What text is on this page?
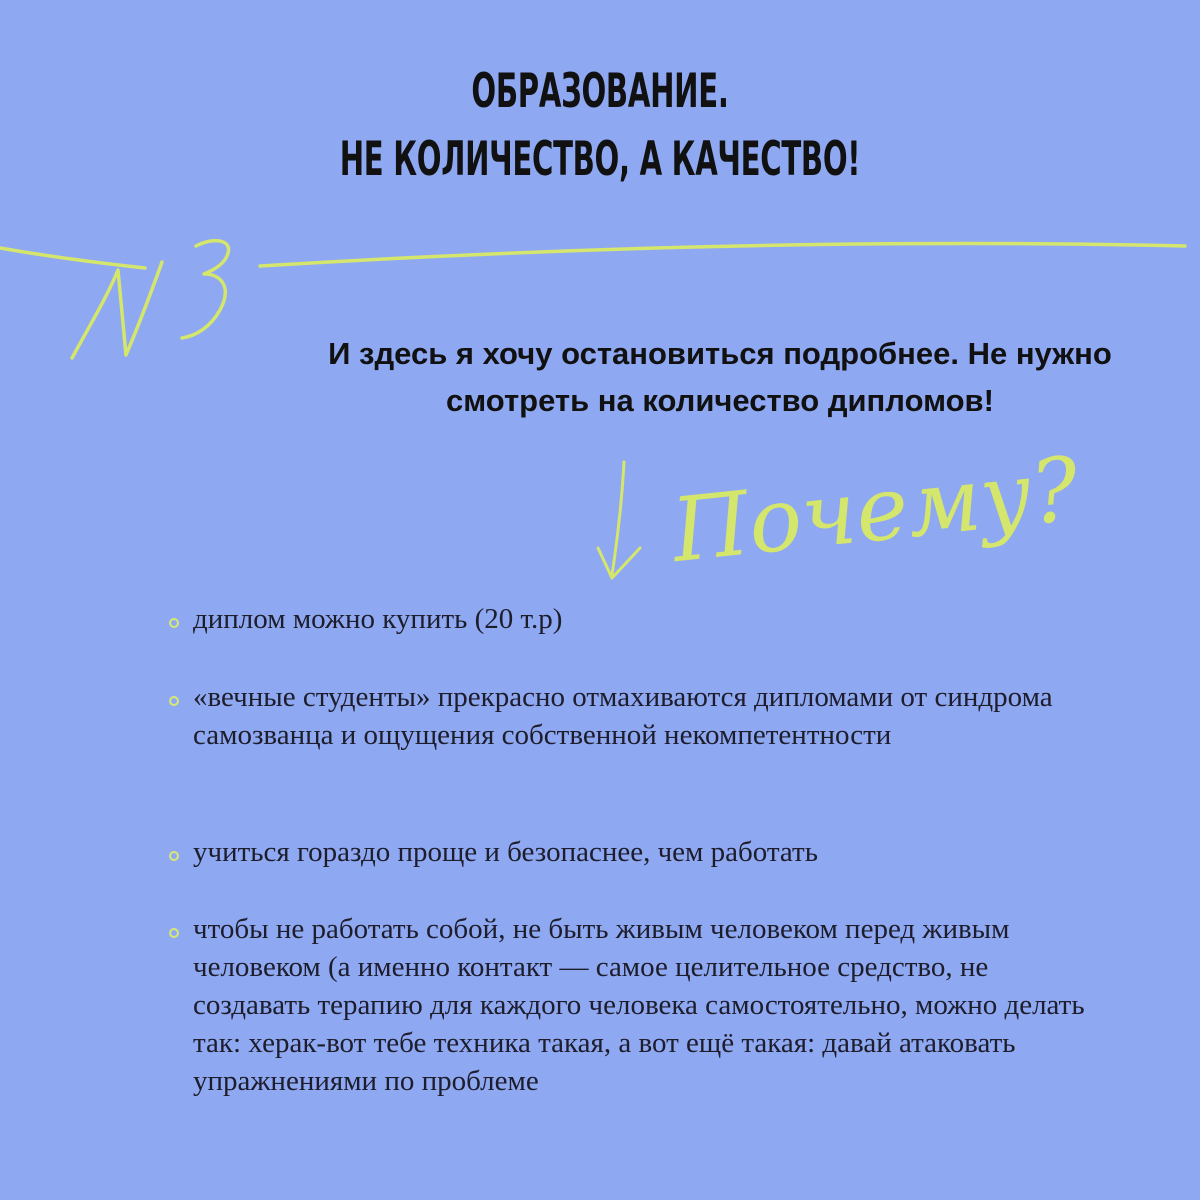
ОБРАЗОВАНИЕ.
НЕ КОЛИЧЕСТВО, А КАЧЕСТВО!
Почему?
И здесь я хочу остановиться подробнее. Не нужно смотреть на количество дипломов!
диплом можно купить (20 т.р)
«вечные студенты» прекрасно отмахиваются дипломами от синдрома самозванца и ощущения собственной некомпетентности
учиться гораздо проще и безопаснее, чем работать
чтобы не работать собой, не быть живым человеком перед живым человеком (а именно контакт — самое целительное средство, не создавать терапию для каждого человека самостоятельно, можно делать так: херак-вот тебе техника такая, а вот ещё такая: давай атаковать упражнениями по проблеме
